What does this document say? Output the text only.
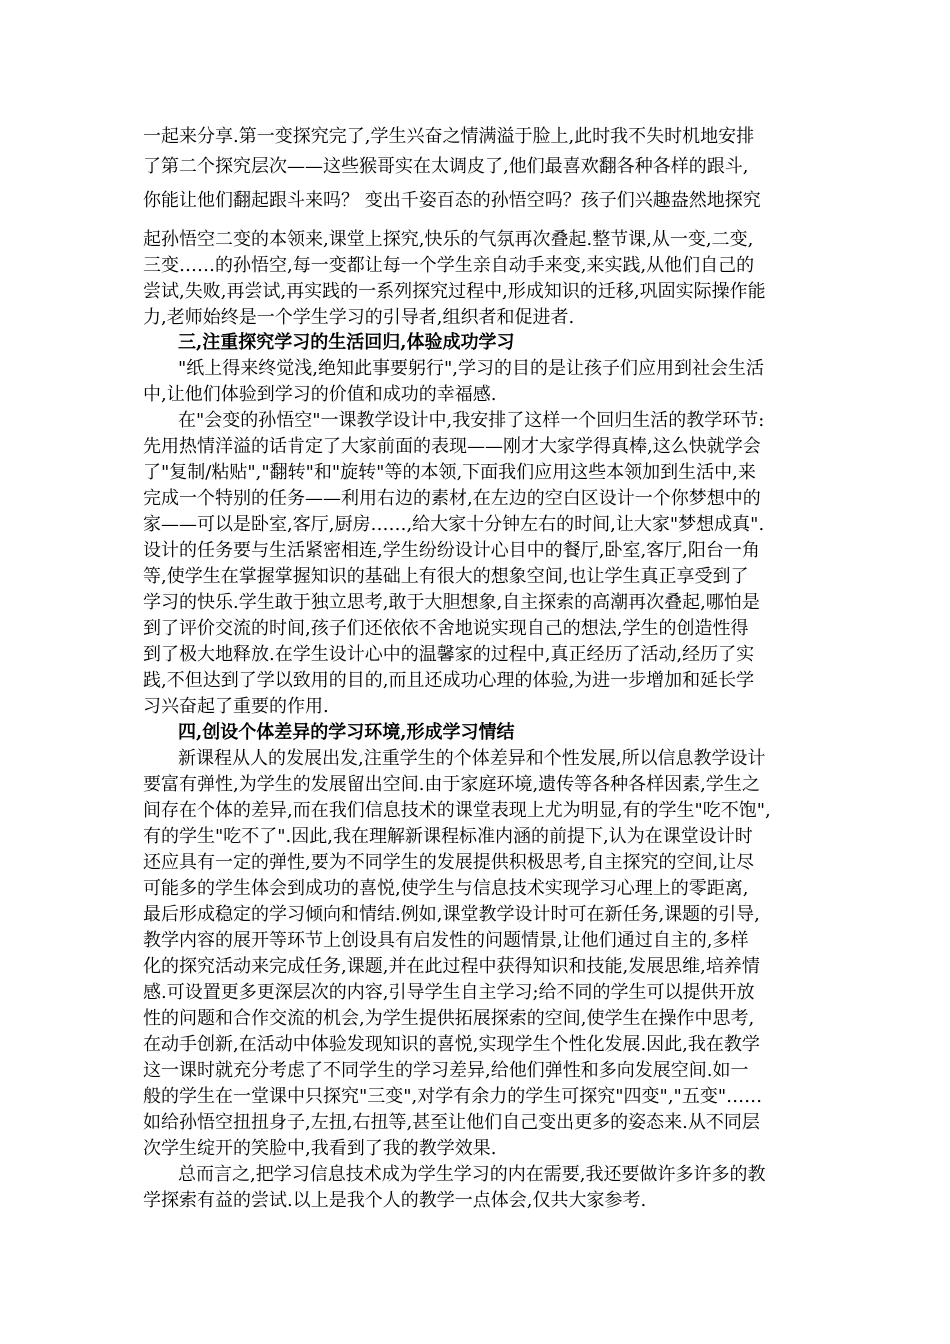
一起来分享.第一变探究完了,学生兴奋之情满溢于脸上,此时我不失时机地安排
了第二个探究层次——这些猴哥实在太调皮了,他们最喜欢翻各种各样的跟斗,
你能让他们翻起跟斗来吗？ 变出千姿百态的孙悟空吗？孩子们兴趣盎然地探究
起孙悟空二变的本领来,课堂上探究,快乐的气氛再次叠起.整节课,从一变,二变,
三变……的孙悟空,每一变都让每一个学生亲自动手来变,来实践,从他们自己的
尝试,失败,再尝试,再实践的一系列探究过程中,形成知识的迁移,巩固实际操作能
力,老师始终是一个学生学习的引导者,组织者和促进者.
三,注重探究学习的生活回归,体验成功学习
"纸上得来终觉浅,绝知此事要躬行",学习的目的是让孩子们应用到社会生活
中,让他们体验到学习的价值和成功的幸福感.
在"会变的孙悟空"一课教学设计中,我安排了这样一个回归生活的教学环节:
先用热情洋溢的话肯定了大家前面的表现——刚才大家学得真棒,这么快就学会
了"复制/粘贴","翻转"和"旋转"等的本领,下面我们应用这些本领加到生活中,来
完成一个特别的任务——利用右边的素材,在左边的空白区设计一个你梦想中的
家——可以是卧室,客厅,厨房……,给大家十分钟左右的时间,让大家"梦想成真".
设计的任务要与生活紧密相连,学生纷纷设计心目中的餐厅,卧室,客厅,阳台一角
等,使学生在掌握掌握知识的基础上有很大的想象空间,也让学生真正享受到了
学习的快乐.学生敢于独立思考,敢于大胆想象,自主探索的高潮再次叠起,哪怕是
到了评价交流的时间,孩子们还依依不舍地说实现自己的想法,学生的创造性得
到了极大地释放.在学生设计心中的温馨家的过程中,真正经历了活动,经历了实
践,不但达到了学以致用的目的,而且还成功心理的体验,为进一步增加和延长学
习兴奋起了重要的作用.
四,创设个体差异的学习环境,形成学习情结
新课程从人的发展出发,注重学生的个体差异和个性发展,所以信息教学设计
要富有弹性,为学生的发展留出空间.由于家庭环境,遗传等各种各样因素,学生之
间存在个体的差异,而在我们信息技术的课堂表现上尤为明显,有的学生"吃不饱",
有的学生"吃不了".因此,我在理解新课程标准内涵的前提下,认为在课堂设计时
还应具有一定的弹性,要为不同学生的发展提供积极思考,自主探究的空间,让尽
可能多的学生体会到成功的喜悦,使学生与信息技术实现学习心理上的零距离,
最后形成稳定的学习倾向和情结.例如,课堂教学设计时可在新任务,课题的引导,
教学内容的展开等环节上创设具有启发性的问题情景,让他们通过自主的,多样
化的探究活动来完成任务,课题,并在此过程中获得知识和技能,发展思维,培养情
感.可设置更多更深层次的内容,引导学生自主学习;给不同的学生可以提供开放
性的问题和合作交流的机会,为学生提供拓展探索的空间,使学生在操作中思考,
在动手创新,在活动中体验发现知识的喜悦,实现学生个性化发展.因此,我在教学
这一课时就充分考虑了不同学生的学习差异,给他们弹性和多向发展空间.如一
般的学生在一堂课中只探究"三变",对学有余力的学生可探究"四变","五变"……
如给孙悟空扭扭身子,左扭,右扭等,甚至让他们自己变出更多的姿态来.从不同层
次学生绽开的笑脸中,我看到了我的教学效果.
总而言之,把学习信息技术成为学生学习的内在需要,我还要做许多许多的教
学探索有益的尝试.以上是我个人的教学一点体会,仅共大家参考.
